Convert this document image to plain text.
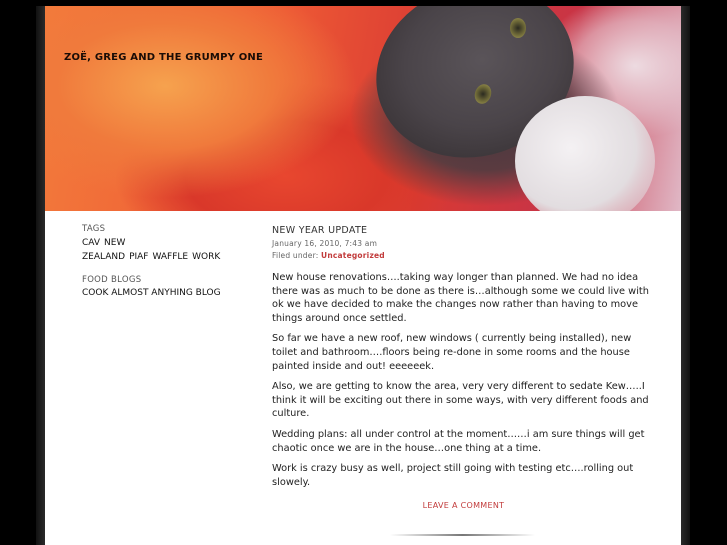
ZOË, GREG AND THE GRUMPY ONE
TAGS
CAV NEW ZEALAND PIAF WAFFLE WORK
FOOD BLOGS
COOK ALMOST ANYHING BLOG
NEW YEAR UPDATE
January 16, 2010, 7:43 am
Filed under: Uncategorized

New house renovations….taking way longer than planned. We had no idea there was as much to be done as there is…although some we could live with ok we have decided to make the changes now rather than having to move things around once settled.

So far we have a new roof, new windows ( currently being installed), new toilet and bathroom….floors being re-done in some rooms and the house painted inside and out! eeeeeek.

Also, we are getting to know the area, very very different to sedate Kew…..I think it will be exciting out there in some ways, with very different foods and culture.

Wedding plans: all under control at the moment……i am sure things will get chaotic once we are in the house…one thing at a time.

Work is crazy busy as well, project still going with testing etc….rolling out slowely.

LEAVE A COMMENT
